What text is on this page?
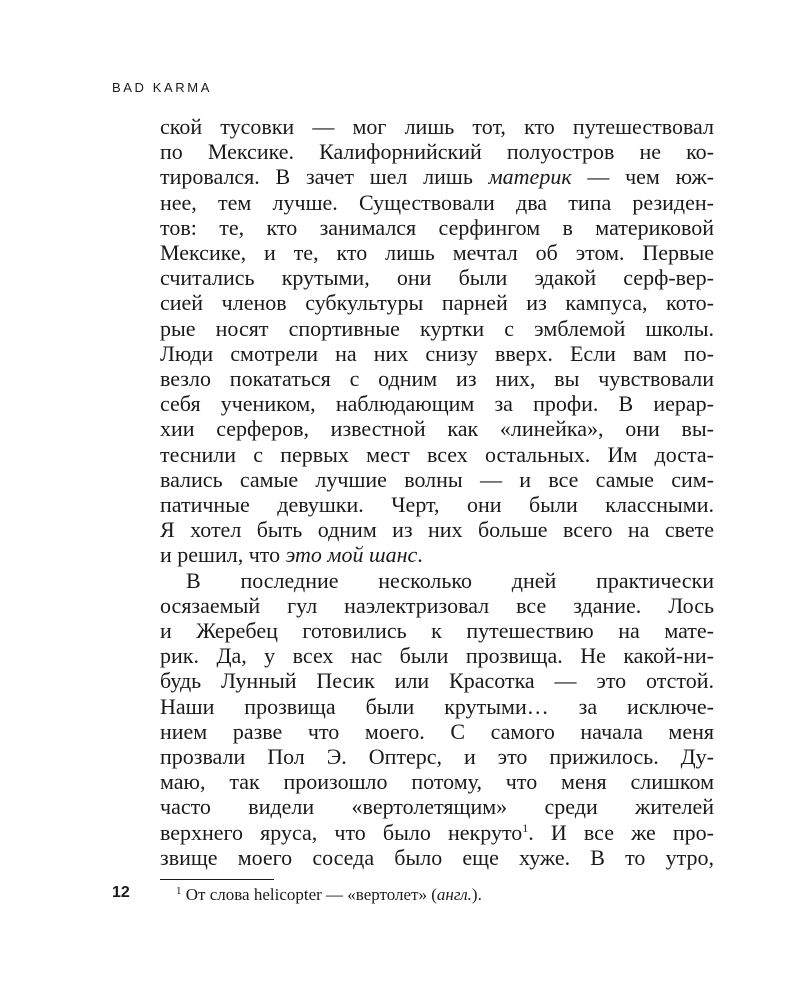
BAD KARMA
ской тусовки — мог лишь тот, кто путешествовал
по Мексике. Калифорнийский полуостров не ко-
тировался. В зачет шел лишь материк — чем юж-
нее, тем лучше. Существовали два типа резиден-
тов: те, кто занимался серфингом в материковой
Мексике, и те, кто лишь мечтал об этом. Первые
считались крутыми, они были эдакой серф-вер-
сией членов субкультуры парней из кампуса, кото-
рые носят спортивные куртки с эмблемой школы.
Люди смотрели на них снизу вверх. Если вам по-
везло покататься с одним из них, вы чувствовали
себя учеником, наблюдающим за профи. В иерар-
хии серферов, известной как «линейка», они вы-
теснили с первых мест всех остальных. Им доста-
вались самые лучшие волны — и все самые сим-
патичные девушки. Черт, они были классными.
Я хотел быть одним из них больше всего на свете
и решил, что это мой шанс.
В последние несколько дней практически
осязаемый гул наэлектризовал все здание. Лось
и Жеребец готовились к путешествию на мате-
рик. Да, у всех нас были прозвища. Не какой-ни-
будь Лунный Песик или Красотка — это отстой.
Наши прозвища были крутыми… за исключе-
нием разве что моего. С самого начала меня
прозвали Пол Э. Оптерс, и это прижилось. Ду-
маю, так произошло потому, что меня слишком
часто видели «вертолетящим» среди жителей
верхнего яруса, что было некруто$^1$. И все же про-
звище моего соседа было еще хуже. В то утро,
12	$^1$ От слова helicopter — «вертолет» (англ.).
